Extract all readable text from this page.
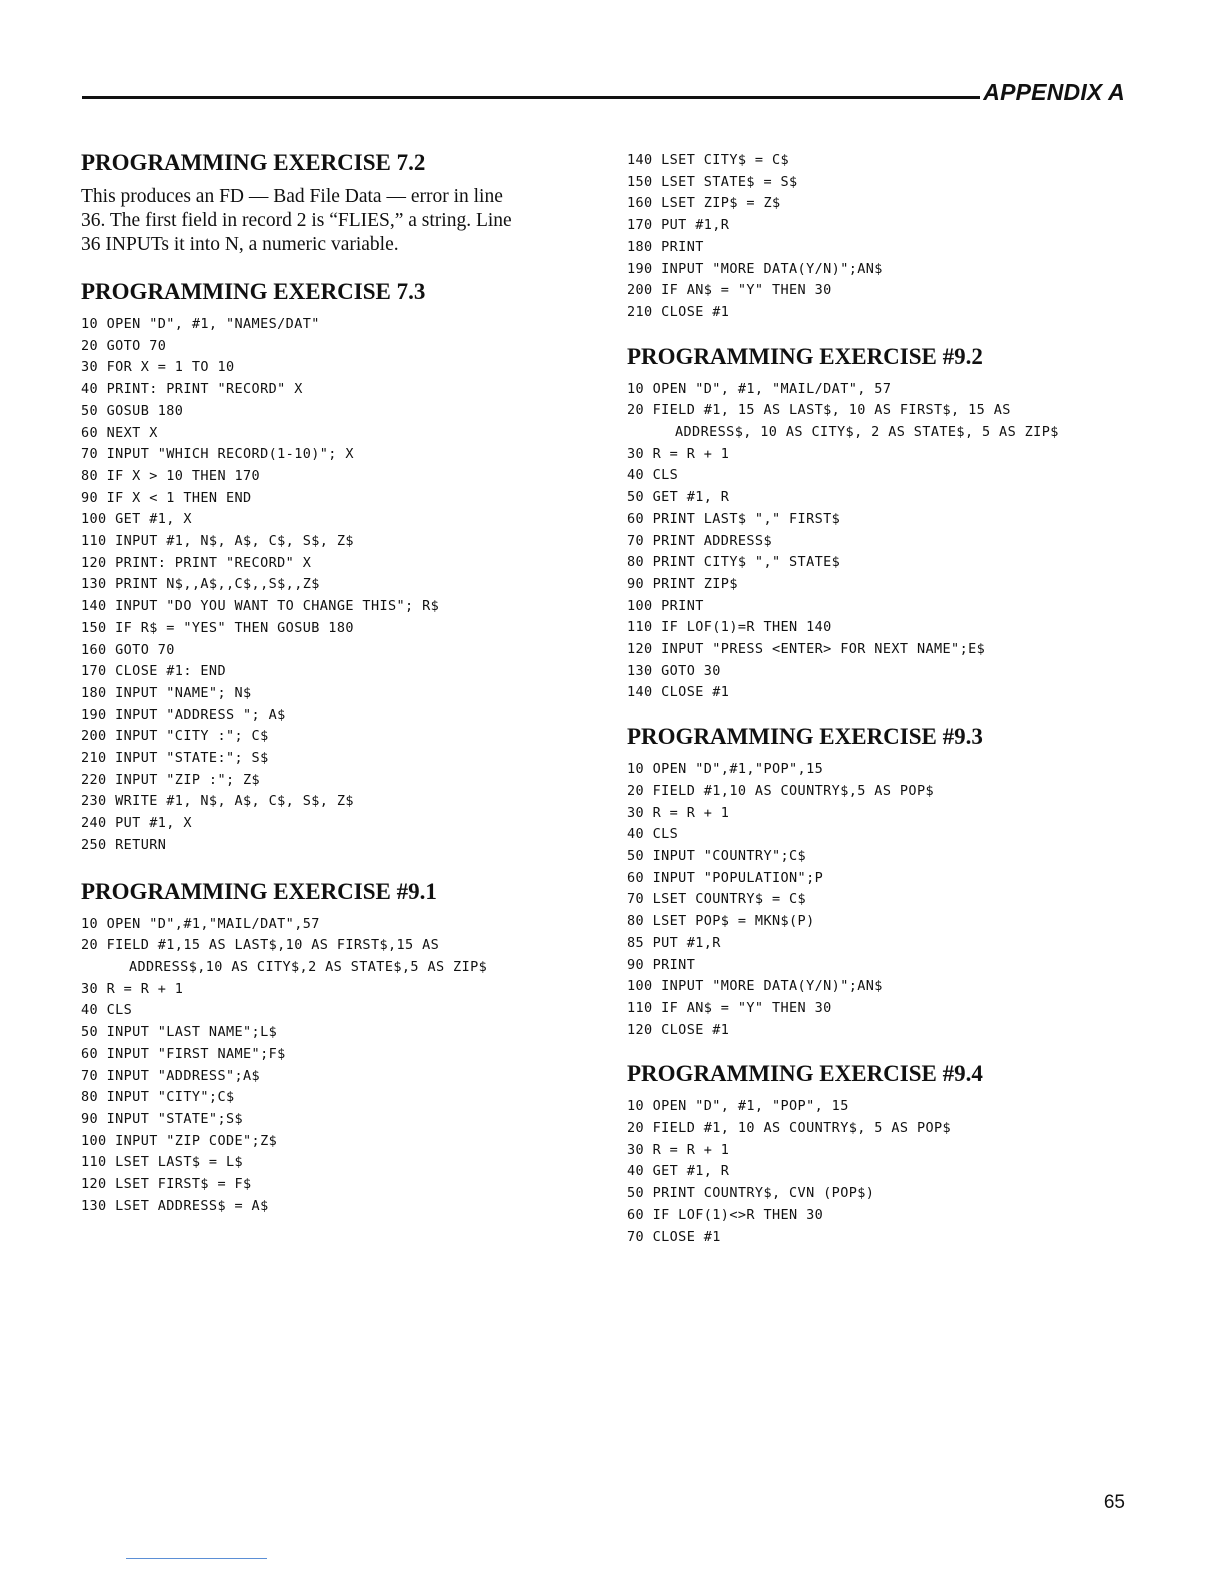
APPENDIX A
PROGRAMMING EXERCISE 7.2

This produces an FD — Bad File Data — error in line
36. The first field in record 2 is “FLIES,” a string. Line
36 INPUTs it into N, a numeric variable.

PROGRAMMING EXERCISE 7.3
10 OPEN "D", #1, "NAMES/DAT"
20 GOTO 70
30 FOR X = 1 TO 10
40 PRINT: PRINT "RECORD" X
50 GOSUB 180
60 NEXT X
70 INPUT "WHICH RECORD(1-10)"; X
80 IF X > 10 THEN 170
90 IF X < 1 THEN END
100 GET #1, X
110 INPUT #1, N$, A$, C$, S$, Z$
120 PRINT: PRINT "RECORD" X
130 PRINT N$,,A$,,C$,,S$,,Z$
140 INPUT "DO YOU WANT TO CHANGE THIS"; R$
150 IF R$ = "YES" THEN GOSUB 180
160 GOTO 70
170 CLOSE #1: END
180 INPUT "NAME"; N$
190 INPUT "ADDRESS "; A$
200 INPUT "CITY :"; C$
210 INPUT "STATE:"; S$
220 INPUT "ZIP :"; Z$
230 WRITE #1, N$, A$, C$, S$, Z$
240 PUT #1, X
250 RETURN
PROGRAMMING EXERCISE #9.1
10 OPEN "D",#1,"MAIL/DAT",57
20 FIELD #1,15 AS LAST$,10 AS FIRST$,15 AS
ADDRESS$,10 AS CITY$,2 AS STATE$,5 AS ZIP$
30 R = R + 1
40 CLS
50 INPUT "LAST NAME";L$
60 INPUT "FIRST NAME";F$
70 INPUT "ADDRESS";A$
80 INPUT "CITY";C$
90 INPUT "STATE";S$
100 INPUT "ZIP CODE";Z$
110 LSET LAST$ = L$
120 LSET FIRST$ = F$
130 LSET ADDRESS$ = A$
140 LSET CITY$ = C$
150 LSET STATE$ = S$
160 LSET ZIP$ = Z$
170 PUT #1,R
180 PRINT
190 INPUT "MORE DATA(Y/N)";AN$
200 IF AN$ = "Y" THEN 30
210 CLOSE #1
PROGRAMMING EXERCISE #9.2
10 OPEN "D", #1, "MAIL/DAT", 57
20 FIELD #1, 15 AS LAST$, 10 AS FIRST$, 15 AS
ADDRESS$, 10 AS CITY$, 2 AS STATE$, 5 AS ZIP$
30 R = R + 1
40 CLS
50 GET #1, R
60 PRINT LAST$ "," FIRST$
70 PRINT ADDRESS$
80 PRINT CITY$ "," STATE$
90 PRINT ZIP$
100 PRINT
110 IF LOF(1)=R THEN 140
120 INPUT "PRESS <ENTER> FOR NEXT NAME";E$
130 GOTO 30
140 CLOSE #1
PROGRAMMING EXERCISE #9.3
10 OPEN "D",#1,"POP",15
20 FIELD #1,10 AS COUNTRY$,5 AS POP$
30 R = R + 1
40 CLS
50 INPUT "COUNTRY";C$
60 INPUT "POPULATION";P
70 LSET COUNTRY$ = C$
80 LSET POP$ = MKN$(P)
85 PUT #1,R
90 PRINT
100 INPUT "MORE DATA(Y/N)";AN$
110 IF AN$ = "Y" THEN 30
120 CLOSE #1
PROGRAMMING EXERCISE #9.4
10 OPEN "D", #1, "POP", 15
20 FIELD #1, 10 AS COUNTRY$, 5 AS POP$
30 R = R + 1
40 GET #1, R
50 PRINT COUNTRY$, CVN (POP$)
60 IF LOF(1)<>R THEN 30
70 CLOSE #1
65
